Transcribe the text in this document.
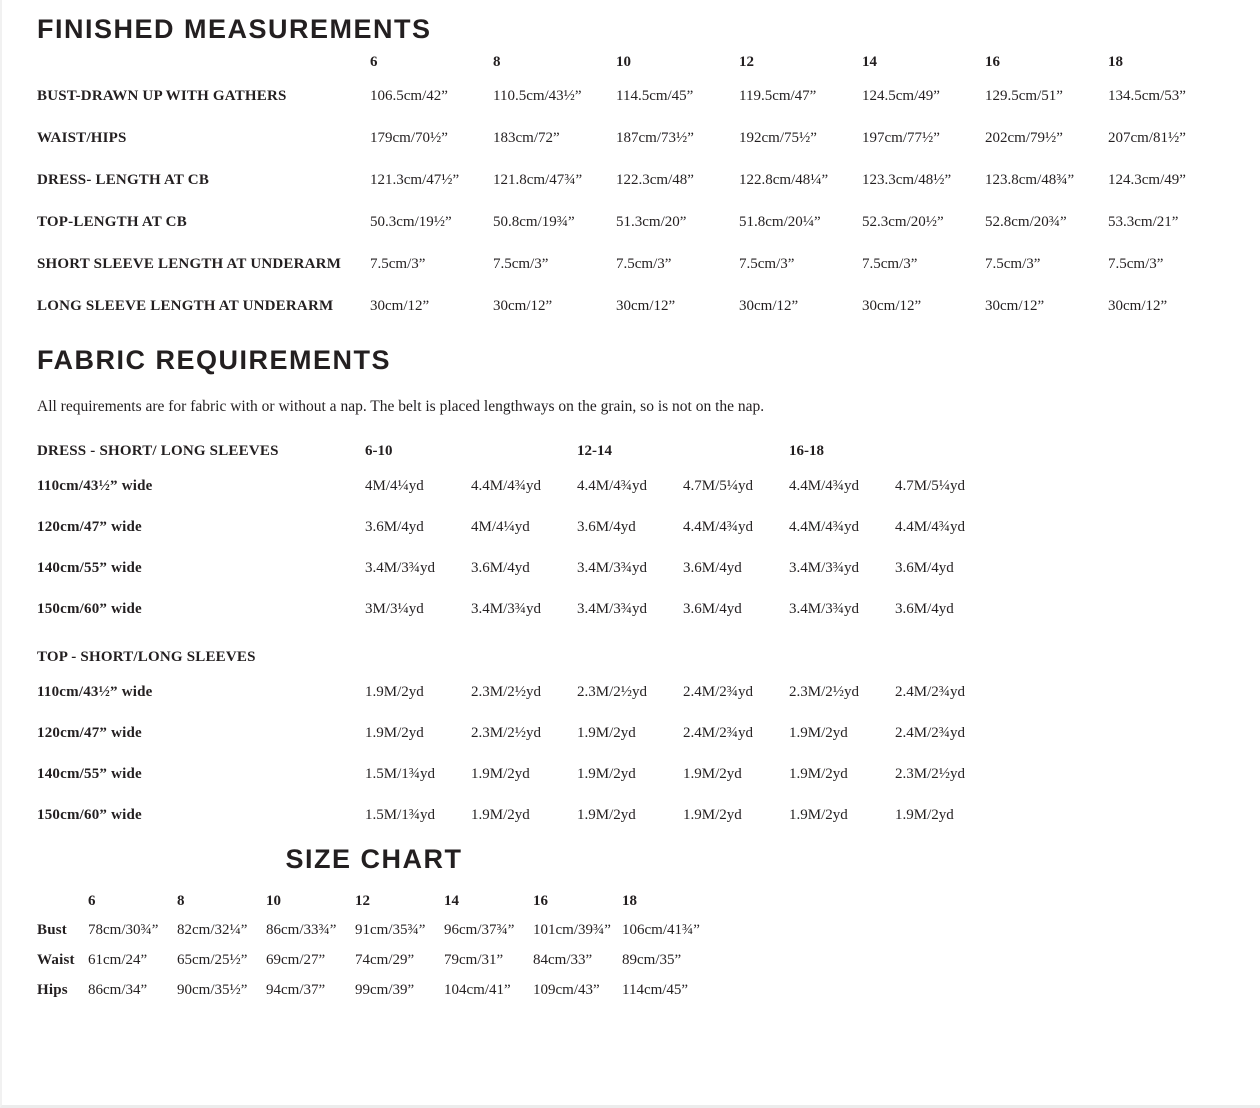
FINISHED MEASUREMENTS
6	8	10	12	14	16	18
BUST-DRAWN UP WITH GATHERS	106.5cm/42”	110.5cm/43½”	114.5cm/45”	119.5cm/47”	124.5cm/49”	129.5cm/51”	134.5cm/53”
WAIST/HIPS	179cm/70½”	183cm/72”	187cm/73½”	192cm/75½”	197cm/77½”	202cm/79½”	207cm/81½”
DRESS- LENGTH AT CB	121.3cm/47½”	121.8cm/47¾”	122.3cm/48”	122.8cm/48¼”	123.3cm/48½”	123.8cm/48¾”	124.3cm/49”
TOP-LENGTH AT CB	50.3cm/19½”	50.8cm/19¾”	51.3cm/20”	51.8cm/20¼”	52.3cm/20½”	52.8cm/20¾”	53.3cm/21”
SHORT SLEEVE LENGTH AT UNDERARM	7.5cm/3”	7.5cm/3”	7.5cm/3”	7.5cm/3”	7.5cm/3”	7.5cm/3”	7.5cm/3”
LONG SLEEVE LENGTH AT UNDERARM	30cm/12”	30cm/12”	30cm/12”	30cm/12”	30cm/12”	30cm/12”	30cm/12”
FABRIC REQUIREMENTS
All requirements are for fabric with or without a nap. The belt is placed lengthways on the grain, so is not on the nap.
DRESS - SHORT/ LONG SLEEVES	6-10	12-14	16-18
110cm/43½” wide	4M/4¼yd	4.4M/4¾yd	4.4M/4¾yd	4.7M/5¼yd	4.4M/4¾yd	4.7M/5¼yd
120cm/47” wide	3.6M/4yd	4M/4¼yd	3.6M/4yd	4.4M/4¾yd	4.4M/4¾yd	4.4M/4¾yd
140cm/55” wide	3.4M/3¾yd	3.6M/4yd	3.4M/3¾yd	3.6M/4yd	3.4M/3¾yd	3.6M/4yd
150cm/60” wide	3M/3¼yd	3.4M/3¾yd	3.4M/3¾yd	3.6M/4yd	3.4M/3¾yd	3.6M/4yd
TOP - SHORT/LONG SLEEVES
110cm/43½” wide	1.9M/2yd	2.3M/2½yd	2.3M/2½yd	2.4M/2¾yd	2.3M/2½yd	2.4M/2¾yd
120cm/47” wide	1.9M/2yd	2.3M/2½yd	1.9M/2yd	2.4M/2¾yd	1.9M/2yd	2.4M/2¾yd
140cm/55” wide	1.5M/1¾yd	1.9M/2yd	1.9M/2yd	1.9M/2yd	1.9M/2yd	2.3M/2½yd
150cm/60” wide	1.5M/1¾yd	1.9M/2yd	1.9M/2yd	1.9M/2yd	1.9M/2yd	1.9M/2yd
SIZE CHART
6	8	10	12	14	16	18
Bust	78cm/30¾”	82cm/32¼”	86cm/33¾”	91cm/35¾”	96cm/37¾”	101cm/39¾” 106cm/41¾”
Waist 61cm/24”	65cm/25½”	69cm/27”	74cm/29”	79cm/31”	84cm/33”	89cm/35”
Hips	86cm/34”	90cm/35½”	94cm/37”	99cm/39”	104cm/41”	109cm/43”	114cm/45”
